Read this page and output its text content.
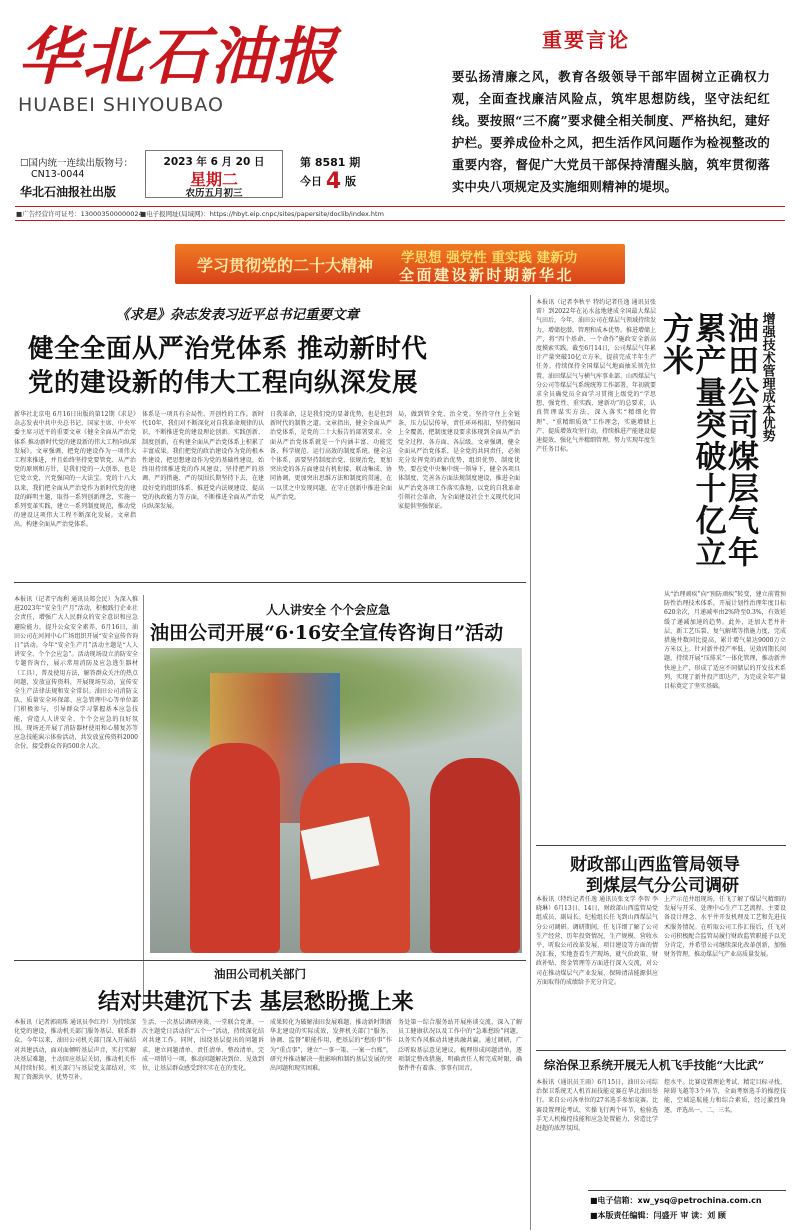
华北石油报
HUABEI SHIYOUBAO
☐国内统一连续出版物号：
CN13-0044
华北石油报社出版
2023 年 6 月 20 日
星期二
农历五月初三
第 8581 期
今日 4 版
■广告经营许可证号：130003500000024
■电子报网址(局域网)：https://hbyt.eip.cnpc/sites/papersite/doclib/index.htm
重要言论
要弘扬清廉之风，教育各级领导干部牢固树立正确权力观，全面查找廉洁风险点，筑牢思想防线，坚守法纪红线。要按照“三不腐”要求健全相关制度、严格执纪，建好护栏。要养成俭朴之风，把生活作风问题作为检视整改的重要内容，督促广大党员干部保持清醒头脑，筑牢贯彻落实中央八项规定及实施细则精神的堤坝。
学习贯彻党的二十大精神 学思想 强党性 重实践 建新功
全面建设新时期新华北
《求是》杂志发表习近平总书记重要文章
健全全面从严治党体系 推动新时代
党的建设新的伟大工程向纵深发展
新华社北京电 6月16日出版的第12期《求是》杂志发表中共中央总书记、国家主席、中央军委主席习近平的重要文章《健全全面从严治党体系 推动新时代党的建设新的伟大工程向纵深发展》。文章强调，把党的建设作为一项伟大工程来推进，并且始终坚持党要管党、从严治党的原则和方针，是我们党的一大创举，也是它党立党、兴党强国的一大法宝。党的十八大以来，我们把全面从严治党作为新时代党的建设的鲜明主题，取得一系列创新理念，实施一系列变革实践，建立一系列制度规范，推动党的建设这项伟大工程不断深化发展。文章指出，构建全面从严治党体系。
体系是一项具有全局性、开创性的工作。新时代10年，我们对不断深化对自我革命规律的认识，不断推进党的建设理论创新。实践创新、制度创新，在构建全面从严治党体系上积累了丰富成果。我们把党的政治建设作为党的根本性建设，把思想建设作为党的基础性建设，始终用持续推进党的作风建设，坚持把严的基调、严的措施、严的氛围长期坚持下去，在建设好党的组织体系、推进党内法规建设、提高党的执政能力等方面，不断推进全面从严治党向纵深发展。
日我革命，这是我们党的显著优势，也是但到新时代的制胜之道。文章指出，健全全面从严治党体系，是党的二十大报告的部署要求。全面从严治党体系就是一个内涵丰富、功能完备、科学规范、运行高效的制度系统。健全这个体系，需要坚持制度治党、依规治党，更加突出党的各方面建设有机衔接、联动集成、协同协调，更加突出思维方法和制度的贯通，在一以贯之中发现问题，在守正创新中推进全面从严治党。
局，做到管全党、治全党。坚持守住上全链条，压力层层传导，责任环环相扣，坚持强国上全覆盖，把制度建设要求体现到全面从严治党全过程、各方面、各层级。文章强调，健全全面从严治党体系，是全党的共同责任，必须充分发挥党的政治优势，组织优势、制度优势，要在党中央集中统一领导下，健全各项具体制度，完善各方面法规制度建设，推进全面从严治党各项工作落实落地，以党的自我革命引领社会革命，为全面建设社会主义现代化国家提供坚强保证。
本报讯（记者李秋平 特约记者任逸 通讯员张雷）到2022年在沁水盆地建成全国最大煤层气田后，今年，油田公司在煤层气领域持续发力，增储挖潜，管理和成本优势。推进增储上产，将“四个基命、一个命作”施政安全新高度摸索实践。截至6月14日，公司煤层气年累计产量突破10亿立方米，提前完成半年生产任务。持续保持全国煤层气地面抽采领先位置。油田煤层气与横气库事业部、山西煤层气分公司等煤层气系统统筹工作部署，年初就要求全员确党员全面学习贯彻上级党的“学思想、强党性、重实践、建新功”的总要求，认真管理谋实方法，深入落实“精细化管理”、“重精细质效”工作理念，实施增储上产、提质增效攻坚行动，持续推进产能建设提速提效，强化气井精细管理，努力实现年度生产任务目标。	油田公司煤层气年累产量突破十亿立方米	增强技术管理成本优势
从“治理顽疾”向“预防顽疾”转变，建立前置预防性治理技术体系，开展计划性治理年度目标620余次，月递减率由2%降至0.3%，有效延缓了递减加速的趋势。此外，还加大老井补层、新工艺压裂、复气解堵等措施力度，完成措施井数同比提高，累计增气量达9000万立方米以上。针对新井投产率低、见效周期长问题，持续开展“压排采”一体化管理，推动新井快速上产，形成了适应不同储层的开发技术系列，实现了新井投产即达产，为完成全年产量目标奠定了坚实基础。
本报讯（记者宁海利 通讯员郑会民）为深入推进2023年“安全生产月”活动，积极践行企业社会责任，增强广大人民群众的安全意识和应急避险能力，提升公众安全素养，6月16日，油田公司在河间中心广场组织开展“安全宣传咨询日”活动。今年“安全生产月”活动主题是“人人讲安全、个个会应急”。活动现场设立消防安全专题咨询台，展示常用消防及应急逃生器材（工具），普及使用方法，解答群众关注的热点问题，发放宣传资料，开展现场互动，宣传安全生产法律法规和安全常识。油田公司消防支队、质量安全环保部、应急管理中心等单位部门积极参与，引导群众学习掌握基本应急技能，营造人人讲安全、个个会应急的良好氛围。现场还开展了消防器材使用和心肺复苏等应急技能演示体验活动，共发放宣传资料2000余份，接受群众咨询500余人次。
人人讲安全 个个会应急
油田公司开展“6·16安全宣传咨询日”活动
财政部山西监管局领导
到煤层气分公司调研
本报讯（特约记者任逸 通讯员张文学 李智 李晓琳）6月13日、14日，财政部山西监管局党组成员、副局长、纪检组长任飞到山西煤层气分公司调研。调研期间，任飞详细了解了公司生产经营、历年投资情况，生产规模、营收水平，听取公司改革发展、项目建设等方面的情况汇报，实地查看生产现场，就气价政策、财政补贴、资金管理等方面进行深入交流，对公司在推动煤层气产业发展、保障清洁能源供应方面取得的成绩给予充分肯定。
上产示范井组现场，任飞了解了煤层气精细的发展与开采、处理中心生产工艺流程、主要设备设计理念、水平井开发机理及工艺和先进技术服务情况。在听取公司工作汇报后，任飞对公司积极配合监管局履行财政监管职能予以充分肯定，并希望公司继续深化改革创新，加强财务管理，推动煤层气产业高质量发展。
油田公司机关部门
结对共建沉下去 基层愁盼揽上来
本报讯（记者郭雨珠 通讯员李红玲）为持续深化党的建设，推动机关部门服务基层、联系群众，今年以来，油田公司机关部门深入开展结对共建活动，面对面倾听基层声音，实打实解决基层难题，主动回应基层关切，推动机关作风持续好转。机关部门与基层党支部结对，实现了资源共享，优势互补。
生活、一次基层调研座谈、一堂联合党课、一次主题党日活动的“五个一”活动，持续深化结对共建工作。同时，围绕基层提出的问题诉求，建立问题清单、责任清单、整改清单，完成一项销号一项，推动问题解决到位、见效到位，让基层群众感受到实实在在的变化。
成果转化为破解油田发展难题、推动新时期新华北建设的实际成效，发挥机关部门“服务、协调、监督”职能作用，把基层的“愁盼事”作为“重点事”，建立“一事一策、一案一台账”，研究并推动解决一批影响和制约基层发展的突出问题和现实困难。
务处第一综合服务站开展座谈交流，深入了解员工健康状况以及工作中的“急难愁盼”问题，以务实作风推动共建共融共赢。通过调研，广泛听取基层意见建议，梳理形成问题清单，逐项制定整改措施，明确责任人和完成时限，确保件件有着落、事事有回音。	综治保卫系统开展无人机飞手技能“大比武”
本报讯（通讯员王雨）6月15日，油田公司综治保卫系统无人机首届技能竞赛在华北油田举行。来自公司各单位的27名选手参加竞赛。比赛设置理论考试、实操飞行两个环节，检验选手无人机操控技能和应急处置能力，营造比学赶超的浓厚氛围。
控水平。比赛设置理论考试、精定目标寻找、障碍飞越等3个环节，全面考察选手的操控技能，空域巡航能力和综合素质，经过激烈角逐，评选出一、二、三名。
■电子信箱：xw_ysq@petrochina.com.cn
■本版责任编辑：闫盛开 审 读：刘 顾
